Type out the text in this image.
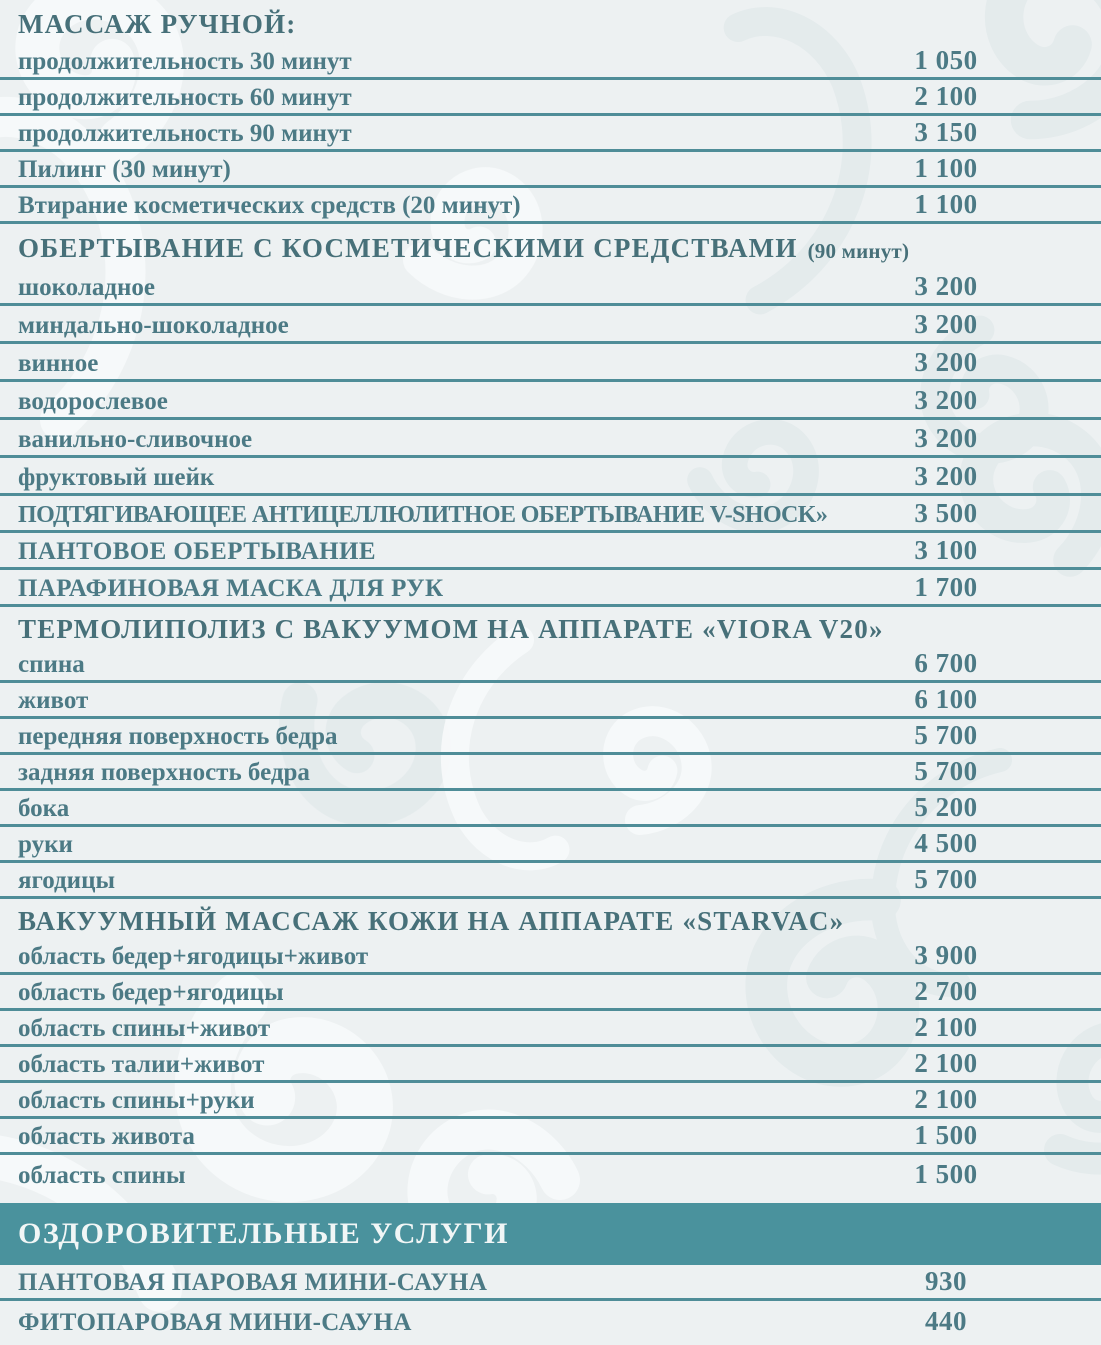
МАССАЖ РУЧНОЙ:
продолжительность 30 минут	1 050
продолжительность 60 минут	2 100
продолжительность 90 минут	3 150
Пилинг (30 минут)	1 100
Втирание косметических средств (20 минут)	1 100
ОБЕРТЫВАНИЕ С КОСМЕТИЧЕСКИМИ СРЕДСТВАМИ (90 минут)
шоколадное	3 200
миндально-шоколадное	3 200
винное	3 200
водорослевое	3 200
ванильно-сливочное	3 200
фруктовый шейк	3 200
ПОДТЯГИВАЮЩЕЕ АНТИЦЕЛЛЮЛИТНОЕ ОБЕРТЫВАНИЕ V-SHOCK»	3 500
ПАНТОВОЕ ОБЕРТЫВАНИЕ	3 100
ПАРАФИНОВАЯ МАСКА ДЛЯ РУК	1 700
ТЕРМОЛИПОЛИЗ С ВАКУУМОМ НА АППАРАТЕ «VIORA V20»
спина	6 700
живот	6 100
передняя поверхность бедра	5 700
задняя поверхность бедра	5 700
бока	5 200
руки	4 500
ягодицы	5 700
ВАКУУМНЫЙ МАССАЖ КОЖИ НА АППАРАТЕ «STARVAC»
область бедер+ягодицы+живот	3 900
область бедер+ягодицы	2 700
область спины+живот	2 100
область талии+живот	2 100
область спины+руки	2 100
область живота	1 500
область спины	1 500
ОЗДОРОВИТЕЛЬНЫЕ УСЛУГИ
ПАНТОВАЯ ПАРОВАЯ МИНИ-САУНА	930
ФИТОПАРОВАЯ МИНИ-САУНА	440
